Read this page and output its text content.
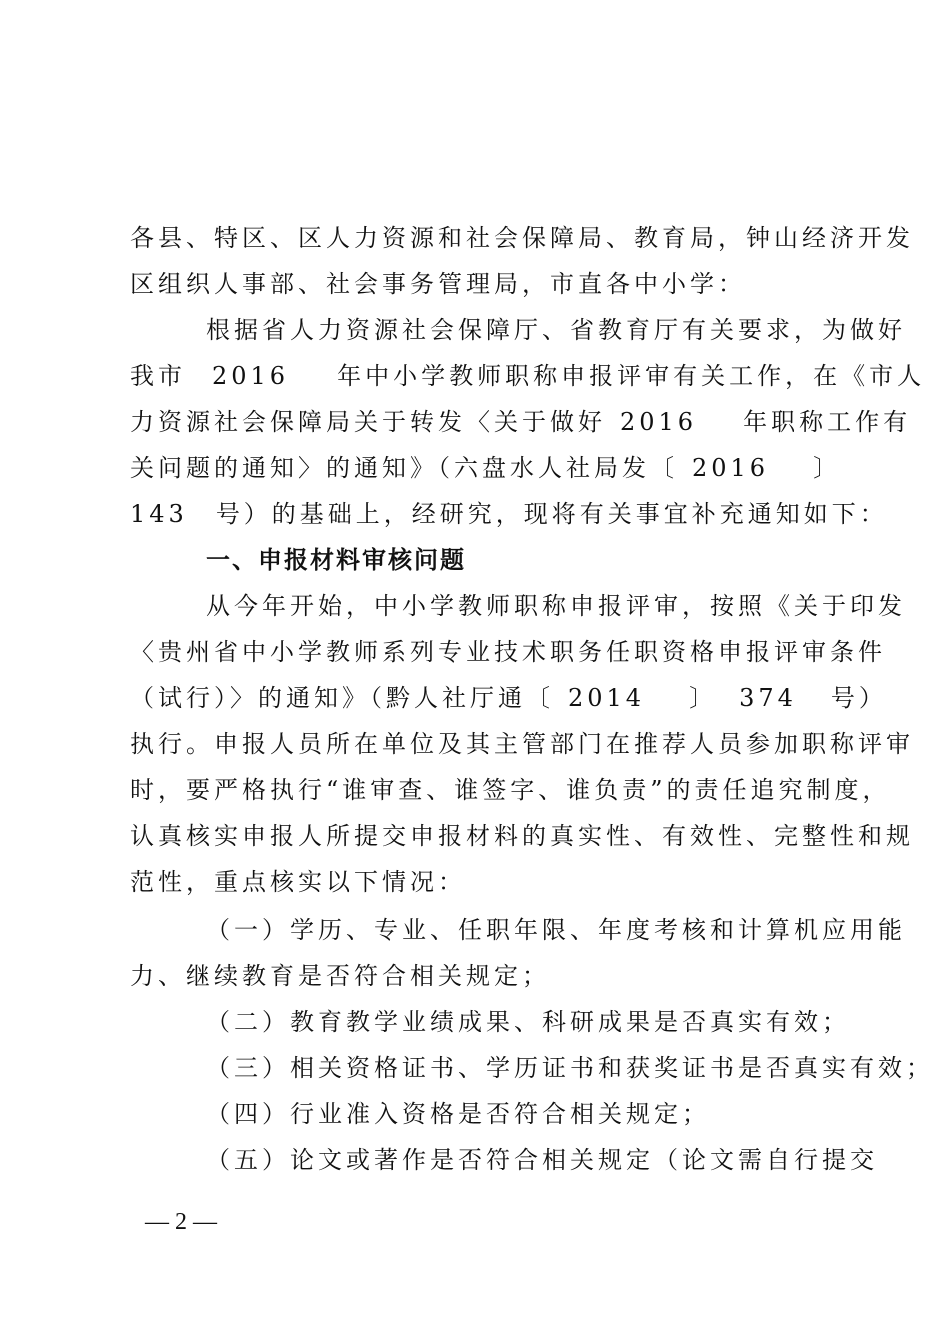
各县、特区、区人力资源和社会保障局、教育局，钟山经济开发
区组织人事部、社会事务管理局，市直各中小学：
根据省人力资源社会保障厅、省教育厅有关要求，为做好
我市 2016 年中小学教师职称申报评审有关工作，在《市人
力资源社会保障局关于转发〈关于做好 2016 年职称工作有
关问题的通知〉的通知》（六盘水人社局发〔 2016 〕
143 号）的基础上，经研究，现将有关事宜补充通知如下：
一、申报材料审核问题
从今年开始，中小学教师职称申报评审，按照《关于印发
〈贵州省中小学教师系列专业技术职务任职资格申报评审条件
（试行）〉的通知》（黔人社厅通〔 2014 〕 374 号）
执行。申报人员所在单位及其主管部门在推荐人员参加职称评审
时，要严格执行“谁审查、谁签字、谁负责”的责任追究制度，
认真核实申报人所提交申报材料的真实性、有效性、完整性和规
范性，重点核实以下情况：
（一）学历、专业、任职年限、年度考核和计算机应用能
力、继续教育是否符合相关规定；
（二）教育教学业绩成果、科研成果是否真实有效；
（三）相关资格证书、学历证书和获奖证书是否真实有效；
（四）行业准入资格是否符合相关规定；
（五）论文或著作是否符合相关规定（论文需自行提交
— 2 —
